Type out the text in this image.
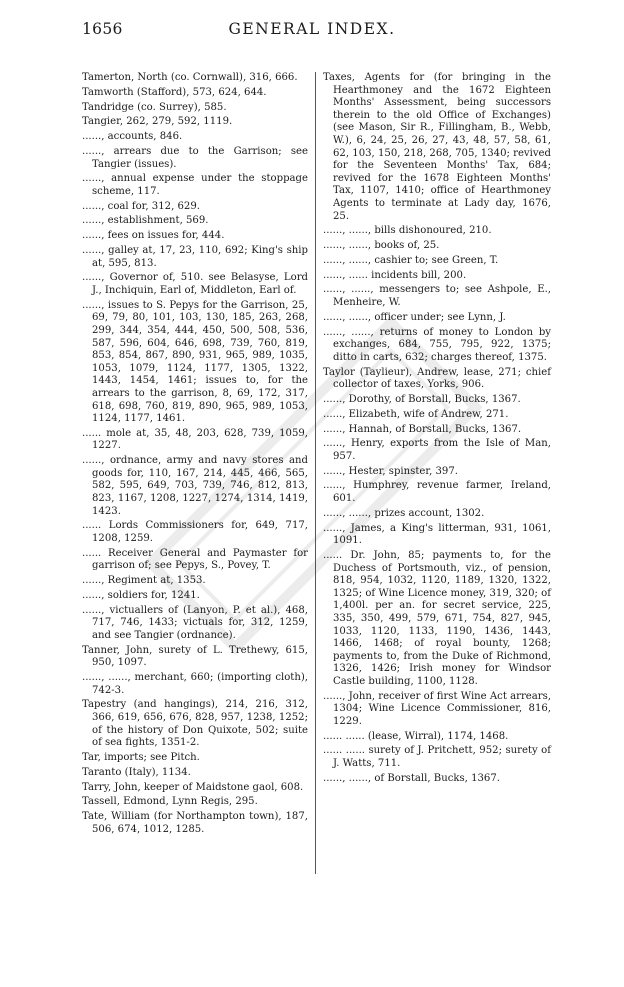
1656	GENERAL INDEX.

Tamerton, North (co. Cornwall), 316, 666.

Tamworth (Stafford), 573, 624, 644.

Tandridge (co. Surrey), 585.

Tangier, 262, 279, 592, 1119.

......, accounts, 846.

......, arrears due to the Garrison; see Tangier (issues).

......, annual expense under the stoppage scheme, 117.

......, coal for, 312, 629.

......, establishment, 569.

......, fees on issues for, 444.

......, galley at, 17, 23, 110, 692; King's ship at, 595, 813.

......, Governor of, 510. see Belasyse, Lord J., Inchiquin, Earl of, Middleton, Earl of.

......, issues to S. Pepys for the Garrison, 25, 69, 79, 80, 101, 103, 130, 185, 263, 268, 299, 344, 354, 444, 450, 500, 508, 536, 587, 596, 604, 646, 698, 739, 760, 819, 853, 854, 867, 890, 931, 965, 989, 1035, 1053, 1079, 1124, 1177, 1305, 1322, 1443, 1454, 1461; issues to, for the arrears to the garrison, 8, 69, 172, 317, 618, 698, 760, 819, 890, 965, 989, 1053, 1124, 1177, 1461.

...... mole at, 35, 48, 203, 628, 739, 1059, 1227.

......, ordnance, army and navy stores and goods for, 110, 167, 214, 445, 466, 565, 582, 595, 649, 703, 739, 746, 812, 813, 823, 1167, 1208, 1227, 1274, 1314, 1419, 1423.

...... Lords Commissioners for, 649, 717, 1208, 1259.

...... Receiver General and Paymaster for garrison of; see Pepys, S., Povey, T.

......, Regiment at, 1353.

......, soldiers for, 1241.

......, victuallers of (Lanyon, P. et al.), 468, 717, 746, 1433; victuals for, 312, 1259, and see Tangier (ordnance).

Tanner, John, surety of L. Trethewy, 615, 950, 1097.

......, ......, merchant, 660; (importing cloth), 742-3.

Tapestry (and hangings), 214, 216, 312, 366, 619, 656, 676, 828, 957, 1238, 1252; of the history of Don Quixote, 502; suite of sea fights, 1351-2.

Tar, imports; see Pitch.

Taranto (Italy), 1134.

Tarry, John, keeper of Maidstone gaol, 608.

Tassell, Edmond, Lynn Regis, 295.

Tate, William (for Northampton town), 187, 506, 674, 1012, 1285.

Taxes, Agents for (for bringing in the Hearthmoney and the 1672 Eighteen Months' Assessment, being successors therein to the old Office of Exchanges) (see Mason, Sir R., Fillingham, B., Webb, W.), 6, 24, 25, 26, 27, 43, 48, 57, 58, 61, 62, 103, 150, 218, 268, 705, 1340; revived for the Seventeen Months' Tax, 684; revived for the 1678 Eighteen Months' Tax, 1107, 1410; office of Hearthmoney Agents to terminate at Lady day, 1676, 25.

......, ......, bills dishonoured, 210.

......, ......, books of, 25.

......, ......, cashier to; see Green, T.

......, ...... incidents bill, 200.

......, ......, messengers to; see Ashpole, E., Menheire, W.

......, ......, officer under; see Lynn, J.

......, ......, returns of money to London by exchanges, 684, 755, 795, 922, 1375; ditto in carts, 632; charges thereof, 1375.

Taylor (Taylieur), Andrew, lease, 271; chief collector of taxes, Yorks, 906.

......, Dorothy, of Borstall, Bucks, 1367.

......, Elizabeth, wife of Andrew, 271.

......, Hannah, of Borstall, Bucks, 1367.

......, Henry, exports from the Isle of Man, 957.

......, Hester, spinster, 397.

......, Humphrey, revenue farmer, Ireland, 601.

......, ......, prizes account, 1302.

......, James, a King's litterman, 931, 1061, 1091.

...... Dr. John, 85; payments to, for the Duchess of Portsmouth, viz., of pension, 818, 954, 1032, 1120, 1189, 1320, 1322, 1325; of Wine Licence money, 319, 320; of 1,400l. per an. for secret service, 225, 335, 350, 499, 579, 671, 754, 827, 945, 1033, 1120, 1133, 1190, 1436, 1443, 1466, 1468; of royal bounty, 1268; payments to, from the Duke of Richmond, 1326, 1426; Irish money for Windsor Castle building, 1100, 1128.

......, John, receiver of first Wine Act arrears, 1304; Wine Licence Commissioner, 816, 1229.

...... ...... (lease, Wirral), 1174, 1468.

...... ...... surety of J. Pritchett, 952; surety of J. Watts, 711.

......, ......, of Borstall, Bucks, 1367.
